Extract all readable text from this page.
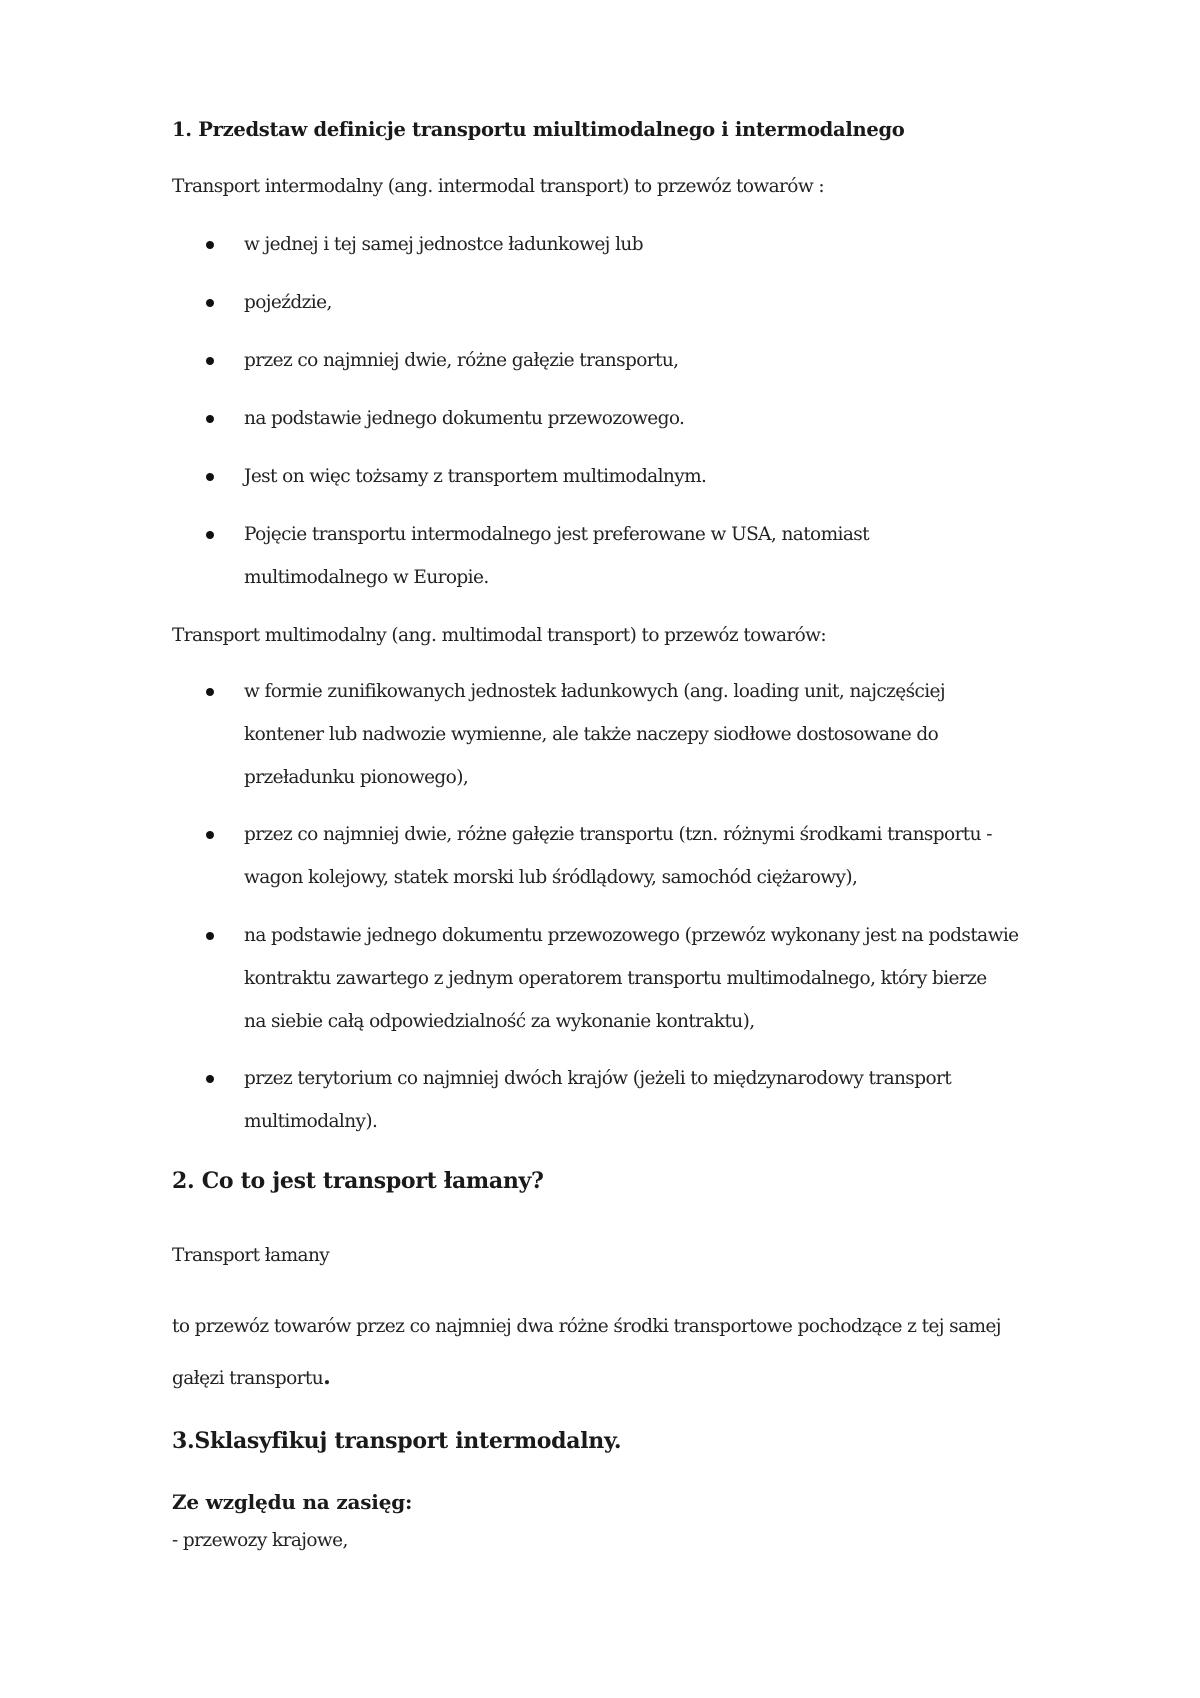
1. Przedstaw definicje transportu miultimodalnego i intermodalnego
Transport intermodalny (ang. intermodal transport) to przewóz towarów :
w jednej i tej samej jednostce ładunkowej lub
pojeździe,
przez co najmniej dwie, różne gałęzie transportu,
na podstawie jednego dokumentu przewozowego.
Jest on więc tożsamy z transportem multimodalnym.
Pojęcie transportu intermodalnego jest preferowane w USA, natomiast
multimodalnego w Europie.
Transport multimodalny (ang. multimodal transport) to przewóz towarów:
w formie zunifikowanych jednostek ładunkowych (ang. loading unit, najczęściej
kontener lub nadwozie wymienne, ale także naczepy siodłowe dostosowane do
przeładunku pionowego),
przez co najmniej dwie, różne gałęzie transportu (tzn. różnymi środkami transportu -
wagon kolejowy, statek morski lub śródlądowy, samochód ciężarowy),
na podstawie jednego dokumentu przewozowego (przewóz wykonany jest na podstawie
kontraktu zawartego z jednym operatorem transportu multimodalnego, który bierze
na siebie całą odpowiedzialność za wykonanie kontraktu),
przez terytorium co najmniej dwóch krajów (jeżeli to międzynarodowy transport
multimodalny).
2. Co to jest transport łamany?
Transport łamany
to przewóz towarów przez co najmniej dwa różne środki transportowe pochodzące z tej samej
gałęzi transportu.
3.Sklasyfikuj transport intermodalny.
Ze względu na zasięg:
- przewozy krajowe,
